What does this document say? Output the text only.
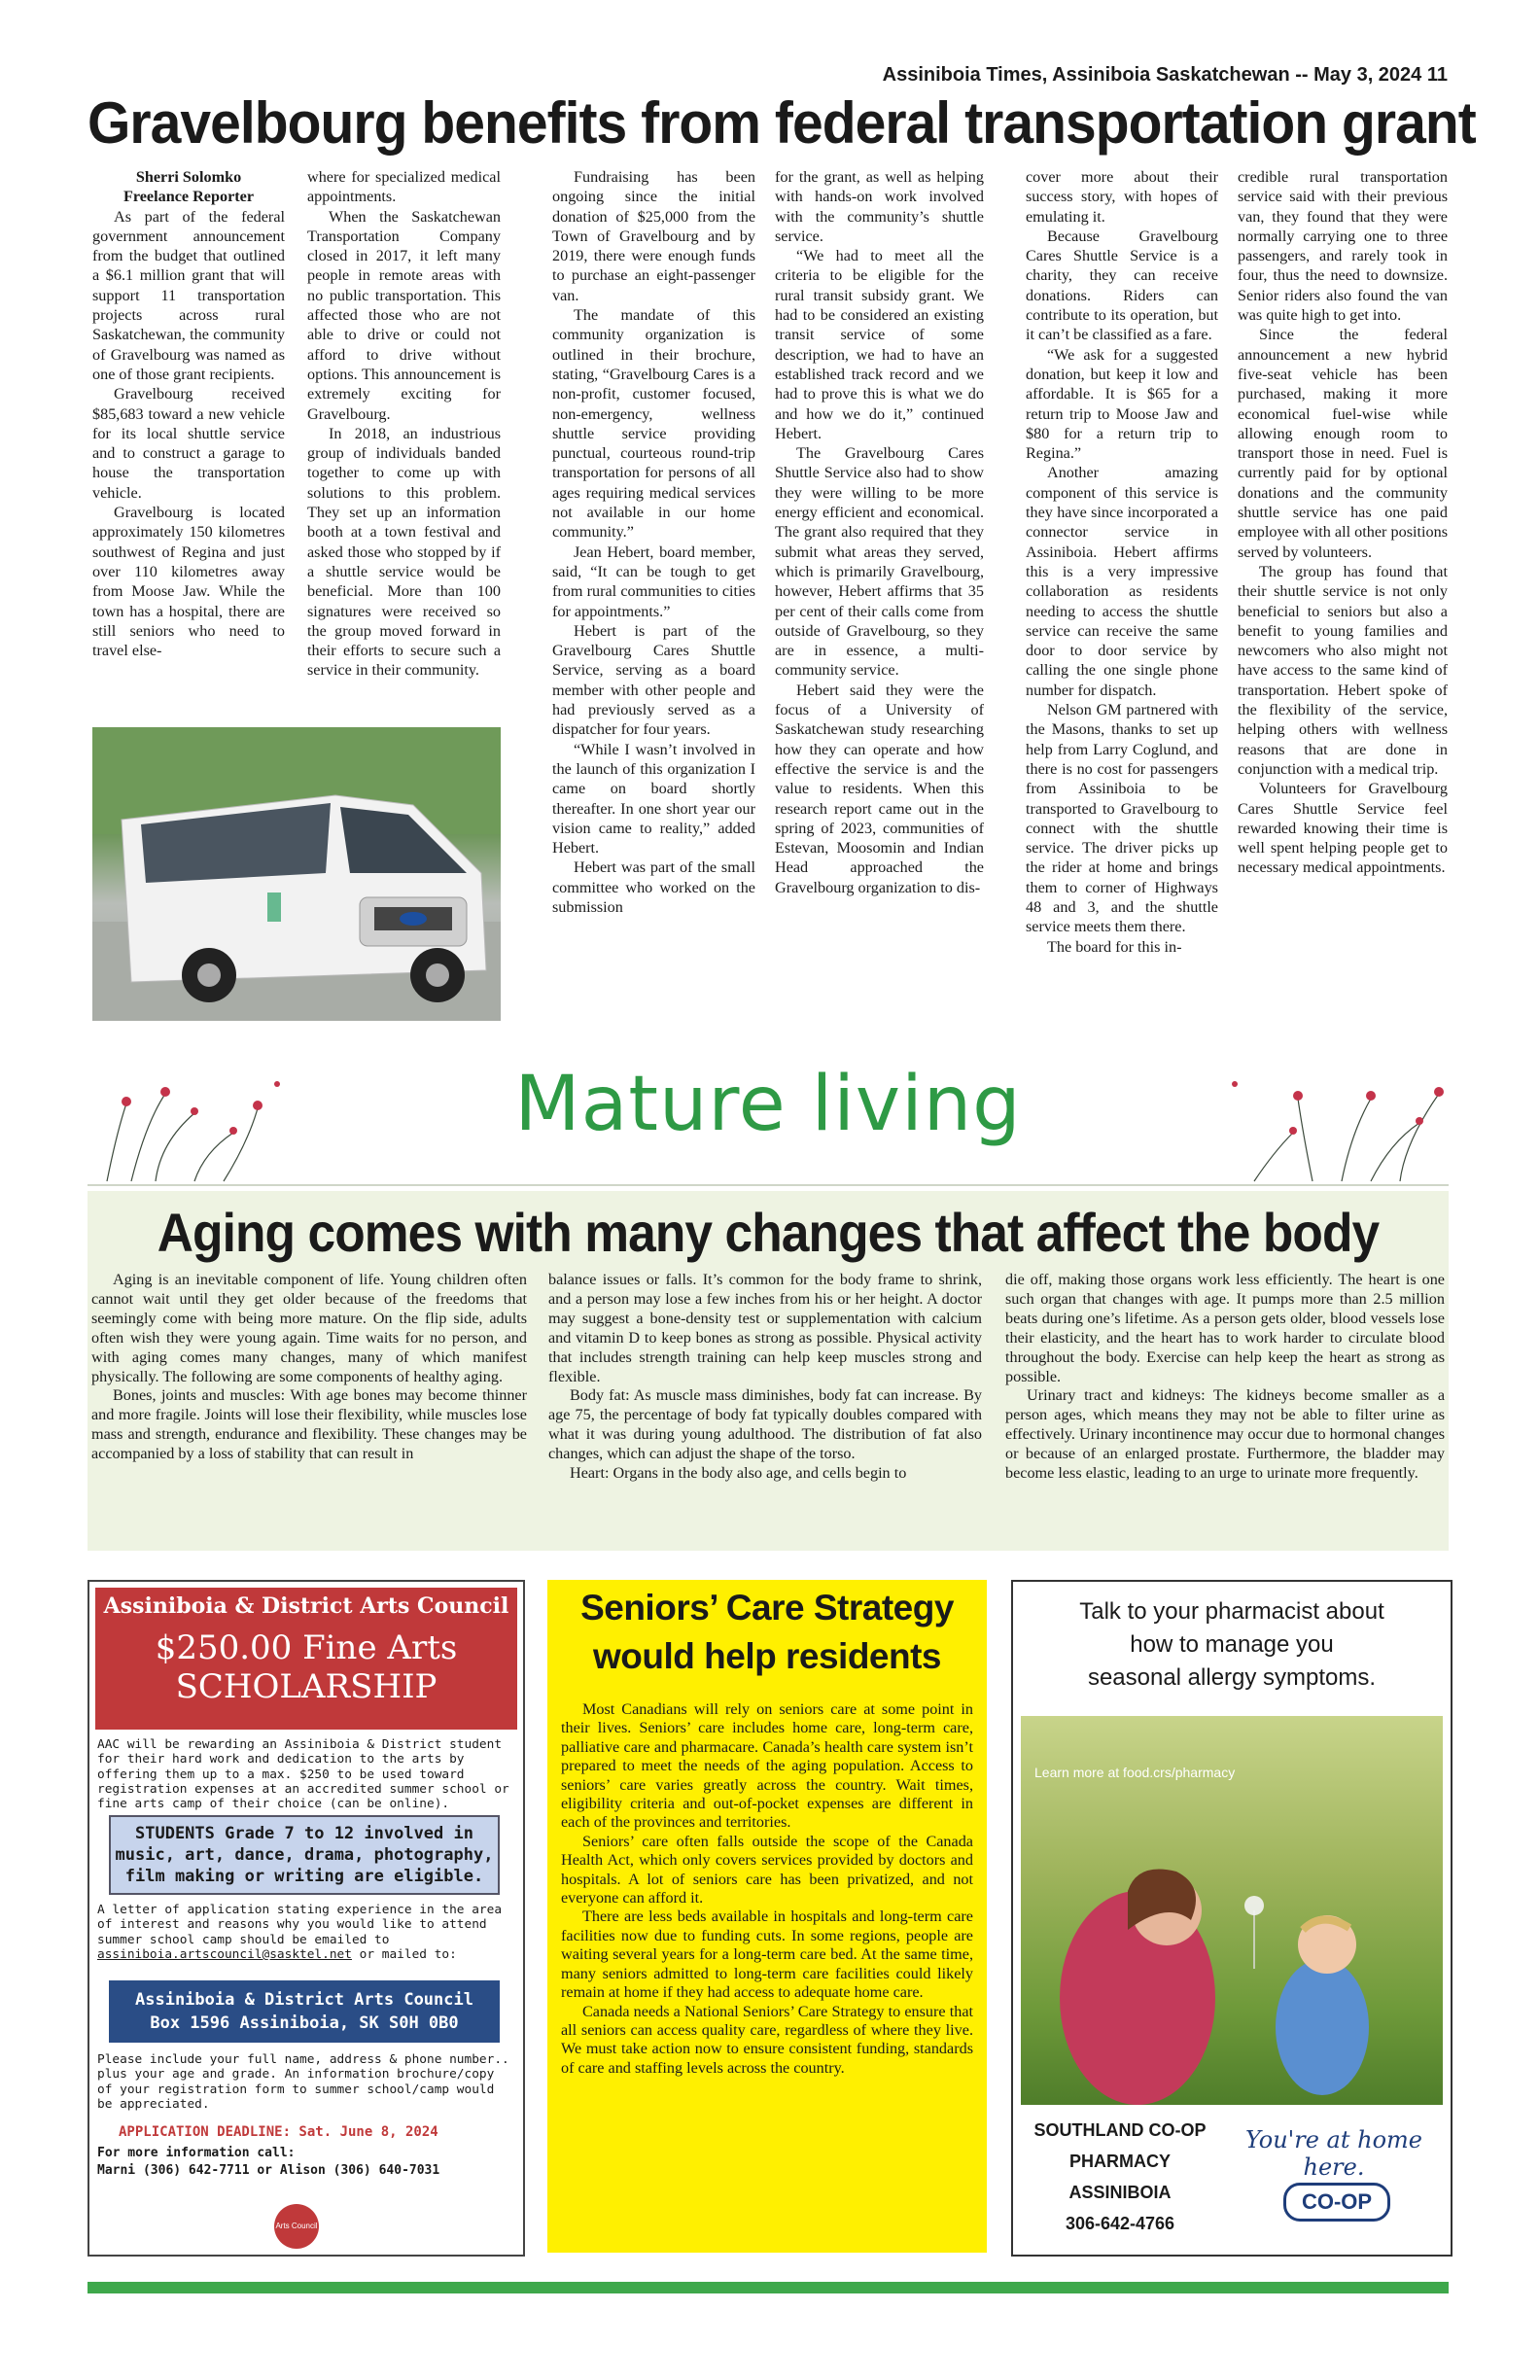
Assiniboia Times, Assiniboia Saskatchewan -- May 3, 2024 11
Gravelbourg benefits from federal transportation grant

Sherri Solomko

Freelance Reporter

As part of the federal government announcement from the budget that outlined a $6.1 million grant that will support 11 transportation projects across rural Saskatchewan, the community of Gravelbourg was named as one of those grant recipients.

Gravelbourg received $85,683 toward a new vehicle for its local shuttle service and to construct a garage to house the transportation vehicle.

Gravelbourg is located approximately 150 kilometres southwest of Regina and just over 110 kilometres away from Moose Jaw. While the town has a hospital, there are still seniors who need to travel else-

where for specialized medical appointments.

When the Saskatchewan Transportation Company closed in 2017, it left many people in remote areas with no public transportation. This affected those who are not able to drive or could not afford to drive without options. This announcement is extremely exciting for Gravelbourg.

In 2018, an industrious group of individuals banded together to come up with solutions to this problem. They set up an information booth at a town festival and asked those who stopped by if a shuttle service would be beneficial. More than 100 signatures were received so the group moved forward in their efforts to secure such a service in their community.

Fundraising has been ongoing since the initial donation of $25,000 from the Town of Gravelbourg and by 2019, there were enough funds to purchase an eight-passenger van.

The mandate of this community organization is outlined in their brochure, stating, “Gravelbourg Cares is a non-profit, customer focused, non-emergency, wellness shuttle service providing punctual, courteous round-trip transportation for persons of all ages requiring medical services not available in our home community.”

Jean Hebert, board member, said, “It can be tough to get from rural communities to cities for appointments.”

Hebert is part of the Gravelbourg Cares Shuttle Service, serving as a board member with other people and had previously served as a dispatcher for four years.

“While I wasn’t involved in the launch of this organization I came on board shortly thereafter. In one short year our vision came to reality,” added Hebert.

Hebert was part of the small committee who worked on the submission

for the grant, as well as helping with hands-on work involved with the community’s shuttle service.

“We had to meet all the criteria to be eligible for the rural transit subsidy grant. We had to be considered an existing transit service of some description, we had to have an established track record and we had to prove this is what we do and how we do it,” continued Hebert.

The Gravelbourg Cares Shuttle Service also had to show they were willing to be more energy efficient and economical. The grant also required that they submit what areas they served, which is primarily Gravelbourg, however, Hebert affirms that 35 per cent of their calls come from outside of Gravelbourg, so they are in essence, a multi-community service.

Hebert said they were the focus of a University of Saskatchewan study researching how they can operate and how effective the service is and the value to residents. When this research report came out in the spring of 2023, communities of Estevan, Moosomin and Indian Head approached the Gravelbourg organization to dis-

cover more about their success story, with hopes of emulating it.

Because Gravelbourg Cares Shuttle Service is a charity, they can receive donations. Riders can contribute to its operation, but it can’t be classified as a fare.

“We ask for a suggested donation, but keep it low and affordable. It is $65 for a return trip to Moose Jaw and $80 for a return trip to Regina.”

Another amazing component of this service is they have since incorporated a connector service in Assiniboia. Hebert affirms this is a very impressive collaboration as residents needing to access the shuttle service can receive the same door to door service by calling the one single phone number for dispatch.

Nelson GM partnered with the Masons, thanks to set up help from Larry Coglund, and there is no cost for passengers from Assiniboia to be transported to Gravelbourg to connect with the shuttle service. The driver picks up the rider at home and brings them to corner of Highways 48 and 3, and the shuttle service meets them there.

The board for this in-

credible rural transportation service said with their previous van, they found that they were normally carrying one to three passengers, and rarely took in four, thus the need to downsize. Senior riders also found the van was quite high to get into.

Since the federal announcement a new hybrid five-seat vehicle has been purchased, making it more economical fuel-wise while allowing enough room to transport those in need. Fuel is currently paid for by optional donations and the community shuttle service has one paid employee with all other positions served by volunteers.

The group has found that their shuttle service is not only beneficial to seniors but also a benefit to young families and newcomers who also might not have access to the same kind of transportation. Hebert spoke of the flexibility of the service, helping others with wellness reasons that are done in conjunction with a medical trip.

Volunteers for Gravelbourg Cares Shuttle Service feel rewarded knowing their time is well spent helping people get to necessary medical appointments.

Mature living
Aging comes with many changes that affect the body

Aging is an inevitable component of life. Young children often cannot wait until they get older because of the freedoms that seemingly come with being more mature. On the flip side, adults often wish they were young again. Time waits for no person, and with aging comes many changes, many of which manifest physically. The following are some components of healthy aging.

Bones, joints and muscles: With age bones may become thinner and more fragile. Joints will lose their flexibility, while muscles lose mass and strength, endurance and flexibility. These changes may be accompanied by a loss of stability that can result in

balance issues or falls. It’s common for the body frame to shrink, and a person may lose a few inches from his or her height. A doctor may suggest a bone-density test or supplementation with calcium and vitamin D to keep bones as strong as possible. Physical activity that includes strength training can help keep muscles strong and flexible.

Body fat: As muscle mass diminishes, body fat can increase. By age 75, the percentage of body fat typically doubles compared with what it was during young adulthood. The distribution of fat also changes, which can adjust the shape of the torso.

Heart: Organs in the body also age, and cells begin to

die off, making those organs work less efficiently. The heart is one such organ that changes with age. It pumps more than 2.5 million beats during one’s lifetime. As a person gets older, blood vessels lose their elasticity, and the heart has to work harder to circulate blood throughout the body. Exercise can help keep the heart as strong as possible.

Urinary tract and kidneys: The kidneys become smaller as a person ages, which means they may not be able to filter urine as effectively. Urinary incontinence may occur due to hormonal changes or because of an enlarged prostate. Furthermore, the bladder may become less elastic, leading to an urge to urinate more frequently.

Assiniboia & District Arts Council
$250.00 Fine Arts
SCHOLARSHIP
AAC will be rewarding an Assiniboia & District student for their hard work and dedication to the arts by offering them up to a max. $250 to be used toward registration expenses at an accredited summer school or fine arts camp of their choice (can be online).
STUDENTS Grade 7 to 12 involved in music, art, dance, drama, photography, film making or writing are eligible.
A letter of application stating experience in the area of interest and reasons why you would like to attend summer school camp should be emailed to assiniboia.artscouncil@sasktel.net or mailed to:
Assiniboia & District Arts Council
Box 1596 Assiniboia, SK S0H 0B0
Please include your full name, address & phone number.. plus your age and grade. An information brochure/copy of your registration form to summer school/camp would be appreciated.
APPLICATION DEADLINE: Sat. June 8, 2024
For more information call:
Marni (306) 642-7711 or Alison (306) 640-7031
Arts Council
Seniors’ Care Strategy
would help residents

Most Canadians will rely on seniors care at some point in their lives. Seniors’ care includes home care, long-term care, palliative care and pharmacare. Canada’s health care system isn’t prepared to meet the needs of the aging population. Access to seniors’ care varies greatly across the country. Wait times, eligibility criteria and out-of-pocket expenses are different in each of the provinces and territories.

Seniors’ care often falls outside the scope of the Canada Health Act, which only covers services provided by doctors and hospitals. A lot of seniors care has been privatized, and not everyone can afford it.

There are less beds available in hospitals and long-term care facilities now due to funding cuts. In some regions, people are waiting several years for a long-term care bed. At the same time, many seniors admitted to long-term care facilities could likely remain at home if they had access to adequate home care.

Canada needs a National Seniors’ Care Strategy to ensure that all seniors can access quality care, regardless of where they live. We must take action now to ensure consistent funding, standards of care and staffing levels across the country.

Talk to your pharmacist about
how to manage you
seasonal allergy symptoms.
Learn more at food.crs/pharmacy
SOUTHLAND CO-OP
PHARMACY
ASSINIBOIA
306-642-4766
You're at home here.
CO-OP
